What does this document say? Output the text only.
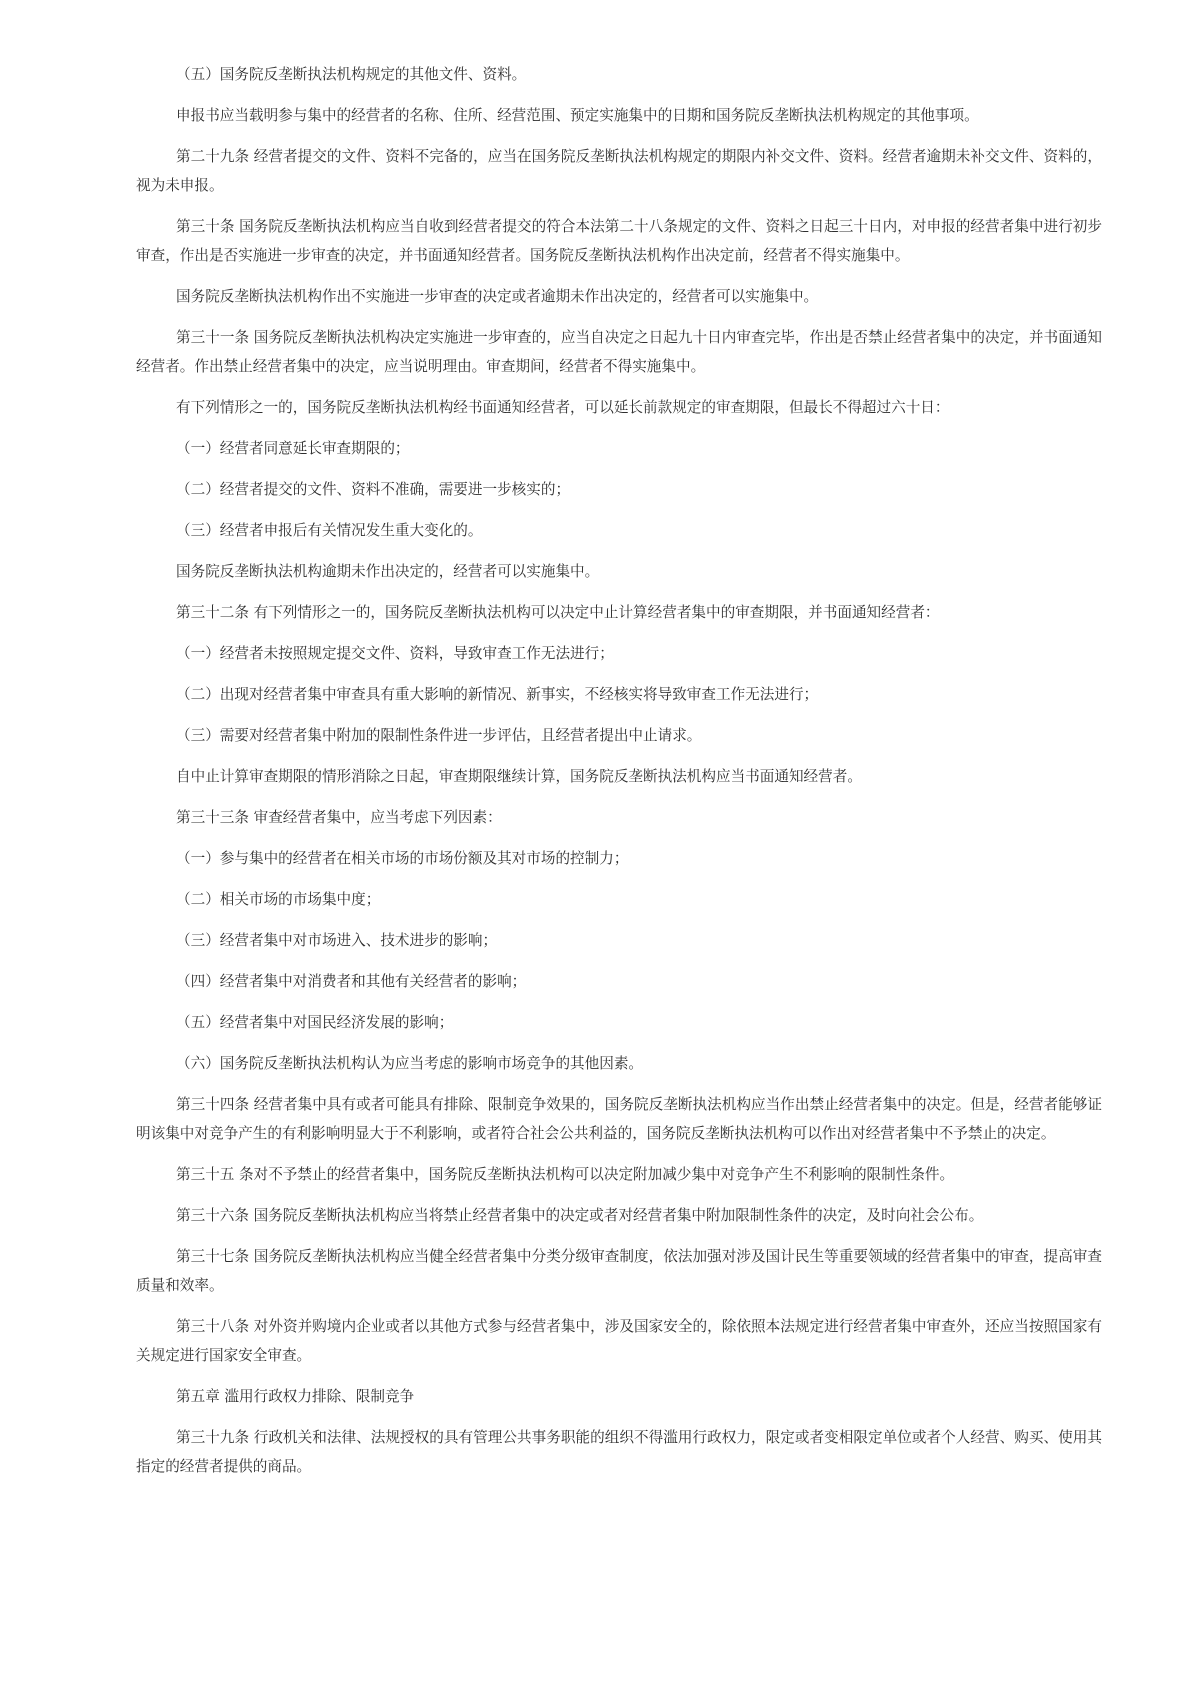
（五）国务院反垄断执法机构规定的其他文件、资料。

申报书应当载明参与集中的经营者的名称、住所、经营范围、预定实施集中的日期和国务院反垄断执法机构规定的其他事项。

第二十九条 经营者提交的文件、资料不完备的，应当在国务院反垄断执法机构规定的期限内补交文件、资料。经营者逾期未补交文件、资料的，视为未申报。

第三十条 国务院反垄断执法机构应当自收到经营者提交的符合本法第二十八条规定的文件、资料之日起三十日内，对申报的经营者集中进行初步审查，作出是否实施进一步审查的决定，并书面通知经营者。国务院反垄断执法机构作出决定前，经营者不得实施集中。

国务院反垄断执法机构作出不实施进一步审查的决定或者逾期未作出决定的，经营者可以实施集中。

第三十一条 国务院反垄断执法机构决定实施进一步审查的，应当自决定之日起九十日内审查完毕，作出是否禁止经营者集中的决定，并书面通知经营者。作出禁止经营者集中的决定，应当说明理由。审查期间，经营者不得实施集中。

有下列情形之一的，国务院反垄断执法机构经书面通知经营者，可以延长前款规定的审查期限，但最长不得超过六十日：

（一）经营者同意延长审查期限的；

（二）经营者提交的文件、资料不准确，需要进一步核实的；

（三）经营者申报后有关情况发生重大变化的。

国务院反垄断执法机构逾期未作出决定的，经营者可以实施集中。

第三十二条 有下列情形之一的，国务院反垄断执法机构可以决定中止计算经营者集中的审查期限，并书面通知经营者：

（一）经营者未按照规定提交文件、资料，导致审查工作无法进行；

（二）出现对经营者集中审查具有重大影响的新情况、新事实，不经核实将导致审查工作无法进行；

（三）需要对经营者集中附加的限制性条件进一步评估，且经营者提出中止请求。

自中止计算审查期限的情形消除之日起，审查期限继续计算，国务院反垄断执法机构应当书面通知经营者。

第三十三条 审查经营者集中，应当考虑下列因素：

（一）参与集中的经营者在相关市场的市场份额及其对市场的控制力；

（二）相关市场的市场集中度；

（三）经营者集中对市场进入、技术进步的影响；

（四）经营者集中对消费者和其他有关经营者的影响；

（五）经营者集中对国民经济发展的影响；

（六）国务院反垄断执法机构认为应当考虑的影响市场竞争的其他因素。

第三十四条 经营者集中具有或者可能具有排除、限制竞争效果的，国务院反垄断执法机构应当作出禁止经营者集中的决定。但是，经营者能够证明该集中对竞争产生的有利影响明显大于不利影响，或者符合社会公共利益的，国务院反垄断执法机构可以作出对经营者集中不予禁止的决定。

第三十五 条对不予禁止的经营者集中，国务院反垄断执法机构可以决定附加减少集中对竞争产生不利影响的限制性条件。

第三十六条 国务院反垄断执法机构应当将禁止经营者集中的决定或者对经营者集中附加限制性条件的决定，及时向社会公布。

第三十七条 国务院反垄断执法机构应当健全经营者集中分类分级审查制度，依法加强对涉及国计民生等重要领域的经营者集中的审查，提高审查质量和效率。

第三十八条 对外资并购境内企业或者以其他方式参与经营者集中，涉及国家安全的，除依照本法规定进行经营者集中审查外，还应当按照国家有关规定进行国家安全审查。

第五章 滥用行政权力排除、限制竞争

第三十九条 行政机关和法律、法规授权的具有管理公共事务职能的组织不得滥用行政权力，限定或者变相限定单位或者个人经营、购买、使用其指定的经营者提供的商品。
